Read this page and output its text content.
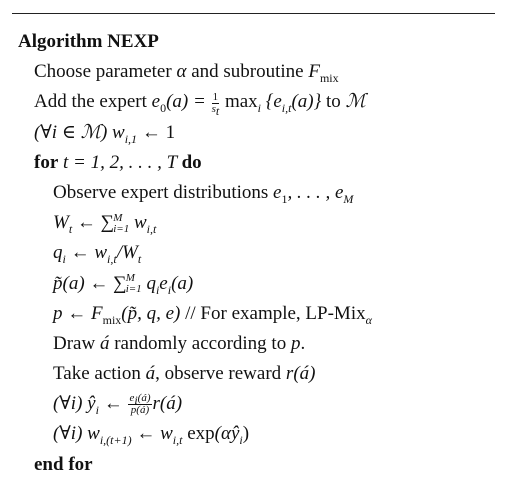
Algorithm NEXP
Choose parameter α and subroutine $F_{mix}$
Add the expert $e_0(a) = \frac{1}{s_t} \max_i \{e_{i,t}(a)\}$ to ℳ
(∀i ∈ ℳ) $w_{i,1}$ ← 1
for t = 1, 2, . . . , T do
Observe expert distributions $e_1$, . . . , $e_M$
$W_t$ ← ∑ M
i=1 $w_{i,t}$
$q_i$ ← $w_{i,t}/W_t$
p̃(a) ← ∑ M
i=1 $q_ie_i(a)$
p ← $F_{mix}(p̃$, q, e) // For example, LP-Mix$_\alpha$
Draw á randomly according to p.
Take action á, observe reward r(á)
(∀i) $ŷ_i$ ← $\frac{e_i(á)}{p(á)}$ r(á)
(∀i) $w_{i,(t+1)}$ ← $w_{i,t}$ $\exp(\alpha ŷ_i)$
end for
